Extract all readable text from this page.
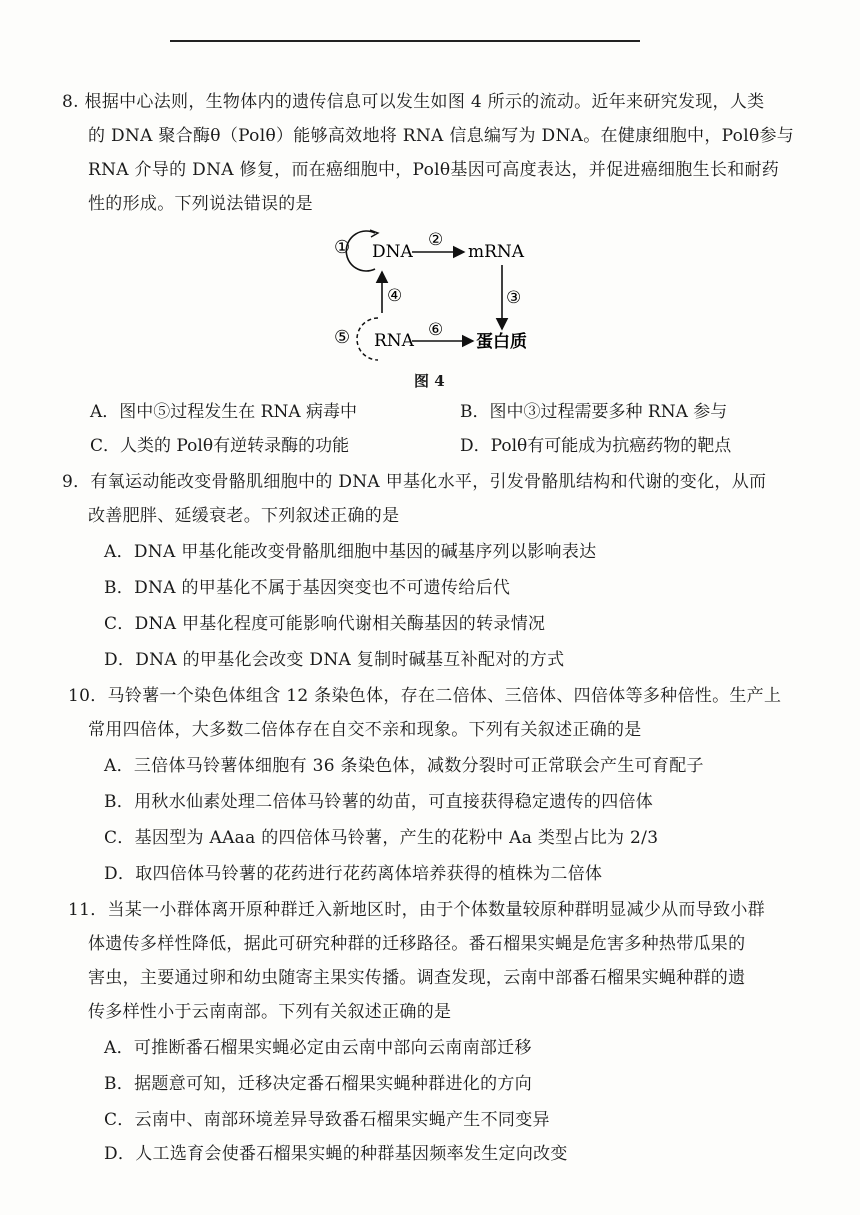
8. 根据中心法则，生物体内的遗传信息可以发生如图 4 所示的流动。近年来研究发现，人类
的 DNA 聚合酶θ（Polθ）能够高效地将 RNA 信息编写为 DNA。在健康细胞中，Polθ参与
RNA 介导的 DNA 修复，而在癌细胞中，Polθ基因可高度表达，并促进癌细胞生长和耐药
性的形成。下列说法错误的是
①	②
③
④
⑤	⑥
DNA	mRNA
RNA	蛋白质
图 4
A．图中⑤过程发生在 RNA 病毒中	B．图中③过程需要多种 RNA 参与
C．人类的 Polθ有逆转录酶的功能	D．Polθ有可能成为抗癌药物的靶点
9．有氧运动能改变骨骼肌细胞中的 DNA 甲基化水平，引发骨骼肌结构和代谢的变化，从而
改善肥胖、延缓衰老。下列叙述正确的是
A．DNA 甲基化能改变骨骼肌细胞中基因的碱基序列以影响表达
B．DNA 的甲基化不属于基因突变也不可遗传给后代
C．DNA 甲基化程度可能影响代谢相关酶基因的转录情况
D．DNA 的甲基化会改变 DNA 复制时碱基互补配对的方式
10．马铃薯一个染色体组含 12 条染色体，存在二倍体、三倍体、四倍体等多种倍性。生产上
常用四倍体，大多数二倍体存在自交不亲和现象。下列有关叙述正确的是
A．三倍体马铃薯体细胞有 36 条染色体，减数分裂时可正常联会产生可育配子
B．用秋水仙素处理二倍体马铃薯的幼苗，可直接获得稳定遗传的四倍体
C．基因型为 AAaa 的四倍体马铃薯，产生的花粉中 Aa 类型占比为 2/3
D．取四倍体马铃薯的花药进行花药离体培养获得的植株为二倍体
11．当某一小群体离开原种群迁入新地区时，由于个体数量较原种群明显减少从而导致小群
体遗传多样性降低，据此可研究种群的迁移路径。番石榴果实蝇是危害多种热带瓜果的
害虫，主要通过卵和幼虫随寄主果实传播。调查发现，云南中部番石榴果实蝇种群的遗
传多样性小于云南南部。下列有关叙述正确的是
A．可推断番石榴果实蝇必定由云南中部向云南南部迁移
B．据题意可知，迁移决定番石榴果实蝇种群进化的方向
C．云南中、南部环境差异导致番石榴果实蝇产生不同变异
D．人工选育会使番石榴果实蝇的种群基因频率发生定向改变
